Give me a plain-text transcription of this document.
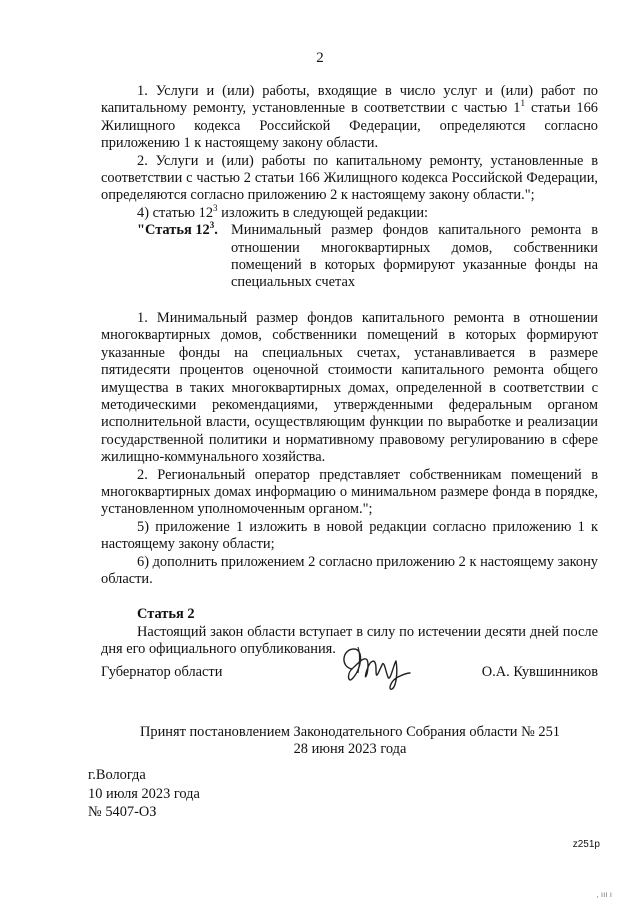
2

1. Услуги и (или) работы, входящие в число услуг и (или) работ по капитальному ремонту, установленные в соответствии с частью $1^1$ статьи 166 Жилищного кодекса Российской Федерации, определяются согласно приложению 1 к настоящему закону области.

2. Услуги и (или) работы по капитальному ремонту, установленные в соответствии с частью 2 статьи 166 Жилищного кодекса Российской Федерации, определяются согласно приложению 2 к настоящему закону области.";

4) статью $12^3$ изложить в следующей редакции:

"Статья $12^3$. Минимальный размер фондов капитального ремонта в отношении многоквартирных домов, собственники помещений в которых формируют указанные фонды на специальных счетах

1. Минимальный размер фондов капитального ремонта в отношении многоквартирных домов, собственники помещений в которых формируют указанные фонды на специальных счетах, устанавливается в размере пятидесяти процентов оценочной стоимости капитального ремонта общего имущества в таких многоквартирных домах, определенной в соответствии с методическими рекомендациями, утвержденными федеральным органом исполнительной власти, осуществляющим функции по выработке и реализации государственной политики и нормативному правовому регулированию в сфере жилищно-коммунального хозяйства.

2. Региональный оператор представляет собственникам помещений в многоквартирных домах информацию о минимальном размере фонда в порядке, установленном уполномоченным органом.";

5) приложение 1 изложить в новой редакции согласно приложению 1 к настоящему закону области;

6) дополнить приложением 2 согласно приложению 2 к настоящему закону области.

Статья 2

Настоящий закон области вступает в силу по истечении десяти дней после дня его официального опубликования.

Губернатор области	О.А. Кувшинников
Принят постановлением Законодательного Собрания области № 251
28 июня 2023 года
г.Вологда
10 июля 2023 года
№ 5407-ОЗ
z251p
, ııı ı
